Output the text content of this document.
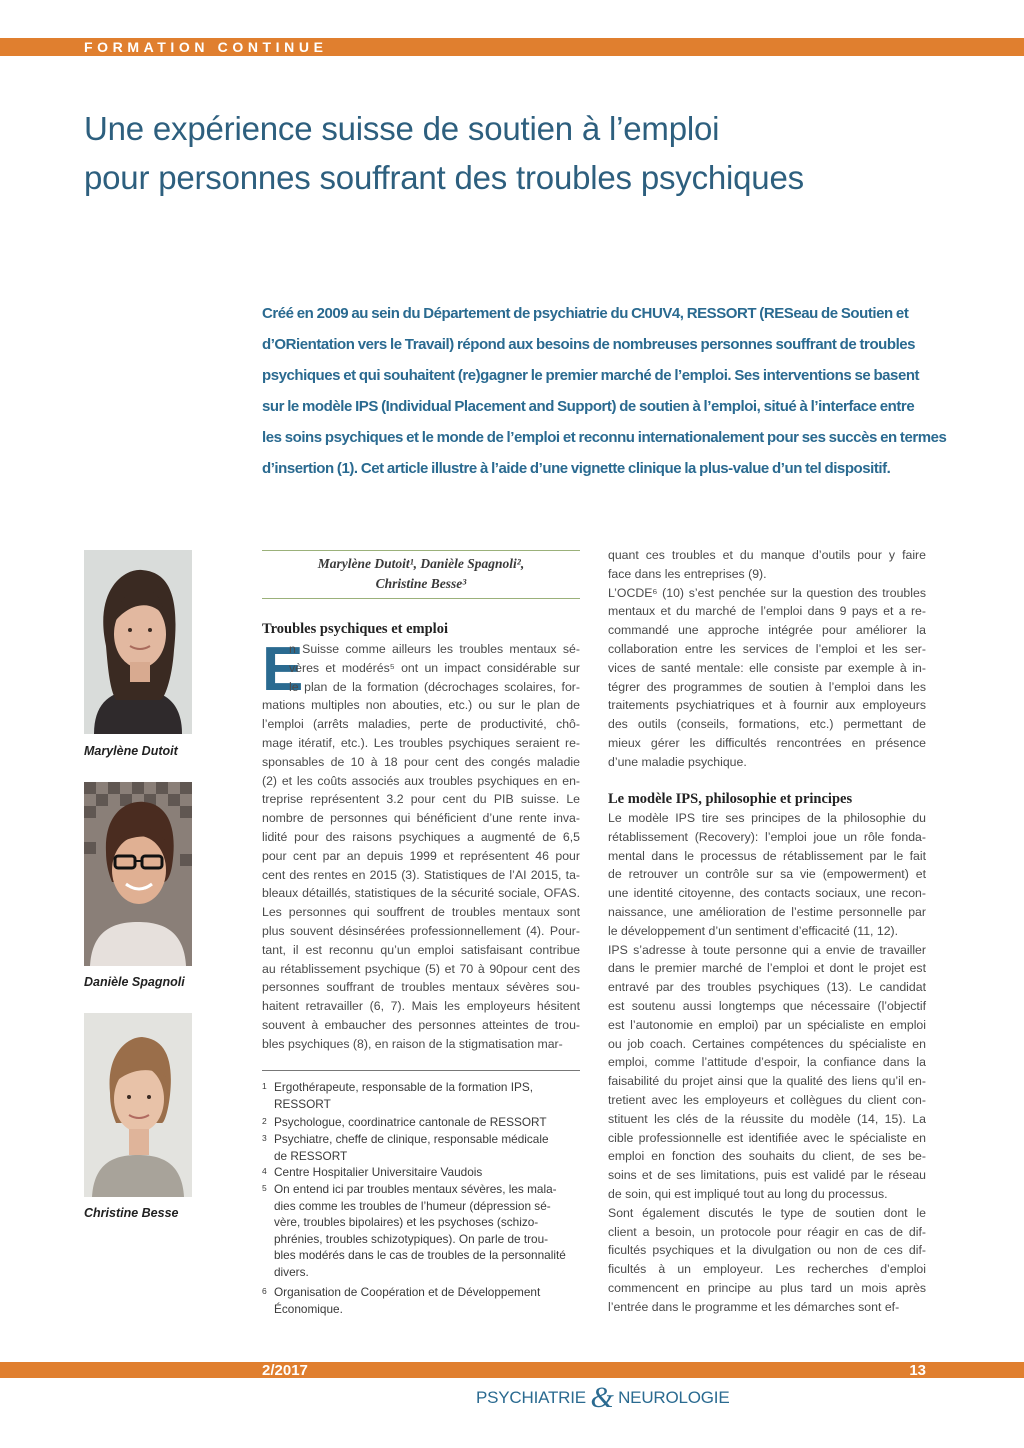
FORMATION CONTINUE
Une expérience suisse de soutien à l’emploi
pour personnes souffrant des troubles psychiques
Créé en 2009 au sein du Département de psychiatrie du CHUV4, RESSORT (RESeau de Soutien et
d’ORientation vers le Travail) répond aux besoins de nombreuses personnes souffrant de troubles
psychiques et qui souhaitent (re)gagner le premier marché de l’emploi. Ses interventions se basent
sur le modèle IPS (Individual Placement and Support) de soutien à l’emploi, situé à l’interface entre
les soins psychiques et le monde de l’emploi et reconnu internationalement pour ses succès en termes
d’insertion (1). Cet article illustre à l’aide d’une vignette clinique la plus-value d’un tel dispositif.
Marylène Dutoit
Danièle Spagnoli
Christine Besse
Marylène Dutoit¹, Danièle Spagnoli²,
Christine Besse³
Troubles psychiques et emploi
E
n Suisse comme ailleurs les troubles mentaux sé-
vères et modérés⁵ ont un impact considérable sur
le plan de la formation (décrochages scolaires, for-
mations multiples non abouties, etc.) ou sur le plan de
l’emploi (arrêts maladies, perte de productivité, chô-
mage itératif, etc.). Les troubles psychiques seraient re-
sponsables de 10 à 18 pour cent des congés maladie
(2) et les coûts associés aux troubles psychiques en en-
treprise représentent 3.2 pour cent du PIB suisse. Le
nombre de personnes qui bénéficient d’une rente inva-
lidité pour des raisons psychiques a augmenté de 6,5
pour cent par an depuis 1999 et représentent 46 pour
cent des rentes en 2015 (3). Statistiques de l’AI 2015, ta-
bleaux détaillés, statistiques de la sécurité sociale, OFAS.
Les personnes qui souffrent de troubles mentaux sont
plus souvent désinsérées professionnellement (4). Pour-
tant, il est reconnu qu’un emploi satisfaisant contribue
au rétablissement psychique (5) et 70 à 90pour cent des
personnes souffrant de troubles mentaux sévères sou-
haitent retravailler (6, 7). Mais les employeurs hésitent
souvent à embaucher des personnes atteintes de trou-
bles psychiques (8), en raison de la stigmatisation mar-
1 Ergothérapeute, responsable de la formation IPS,
RESSORT
2 Psychologue, coordinatrice cantonale de RESSORT
3 Psychiatre, cheffe de clinique, responsable médicale
de RESSORT
4 Centre Hospitalier Universitaire Vaudois
5 On entend ici par troubles mentaux sévères, les mala-
dies comme les troubles de l’humeur (dépression sé-
vère, troubles bipolaires) et les psychoses (schizo-
phrénies, troubles schizotypiques). On parle de trou-
bles modérés dans le cas de troubles de la personnalité
divers.
6 Organisation de Coopération et de Développement
Économique.
quant ces troubles et du manque d’outils pour y faire
face dans les entreprises (9).
L’OCDE⁶ (10) s’est penchée sur la question des troubles
mentaux et du marché de l’emploi dans 9 pays et a re-
commandé une approche intégrée pour améliorer la
collaboration entre les services de l’emploi et les ser-
vices de santé mentale: elle consiste par exemple à in-
tégrer des programmes de soutien à l’emploi dans les
traitements psychiatriques et à fournir aux employeurs
des outils (conseils, formations, etc.) permettant de
mieux gérer les difficultés rencontrées en présence
d’une maladie psychique.
Le modèle IPS, philosophie et principes
Le modèle IPS tire ses principes de la philosophie du
rétablissement (Recovery): l’emploi joue un rôle fonda-
mental dans le processus de rétablissement par le fait
de retrouver un contrôle sur sa vie (empowerment) et
une identité citoyenne, des contacts sociaux, une recon-
naissance, une amélioration de l’estime personnelle par
le développement d’un sentiment d’efficacité (11, 12).
IPS s’adresse à toute personne qui a envie de travailler
dans le premier marché de l’emploi et dont le projet est
entravé par des troubles psychiques (13). Le candidat
est soutenu aussi longtemps que nécessaire (l’objectif
est l’autonomie en emploi) par un spécialiste en emploi
ou job coach. Certaines compétences du spécialiste en
emploi, comme l’attitude d’espoir, la confiance dans la
faisabilité du projet ainsi que la qualité des liens qu’il en-
tretient avec les employeurs et collègues du client con-
stituent les clés de la réussite du modèle (14, 15). La
cible professionnelle est identifiée avec le spécialiste en
emploi en fonction des souhaits du client, de ses be-
soins et de ses limitations, puis est validé par le réseau
de soin, qui est impliqué tout au long du processus.
Sont également discutés le type de soutien dont le
client a besoin, un protocole pour réagir en cas de dif-
ficultés psychiques et la divulgation ou non de ces dif-
ficultés à un employeur. Les recherches d’emploi
commencent en principe au plus tard un mois après
l’entrée dans le programme et les démarches sont ef-
2/2017	13
PSYCHIATRIE & NEUROLOGIE
